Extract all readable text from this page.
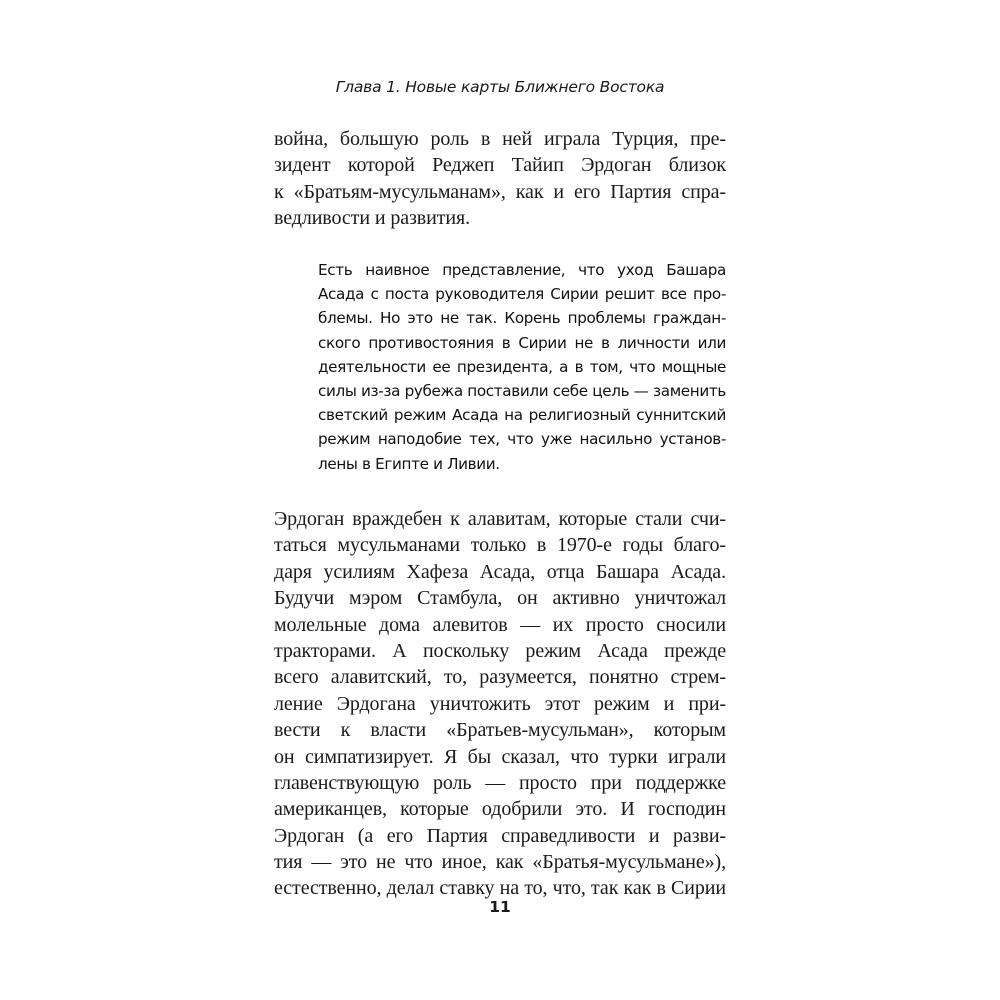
Глава 1. Новые карты Ближнего Востока
война, большую роль в ней играла Турция, пре-
зидент которой Реджеп Тайип Эрдоган близок
к «Братьям-мусульманам», как и его Партия спра-
ведливости и развития.
Есть наивное представление, что уход Башара
Асада с поста руководителя Сирии решит все про-
блемы. Но это не так. Корень проблемы граждан-
ского противостояния в Сирии не в личности или
деятельности ее президента, а в том, что мощные
силы из-за рубежа поставили себе цель — заменить
светский режим Асада на религиозный суннитский
режим наподобие тех, что уже насильно установ-
лены в Египте и Ливии.
Эрдоган враждебен к алавитам, которые стали счи-
таться мусульманами только в 1970-е годы благо-
даря усилиям Хафеза Асада, отца Башара Асада.
Будучи мэром Стамбула, он активно уничтожал
молельные дома алевитов — их просто сносили
тракторами. А поскольку режим Асада прежде
всего алавитский, то, разумеется, понятно стрем-
ление Эрдогана уничтожить этот режим и при-
вести к власти «Братьев-мусульман», которым
он симпатизирует. Я бы сказал, что турки играли
главенствующую роль — просто при поддержке
американцев, которые одобрили это. И господин
Эрдоган (а его Партия справедливости и разви-
тия — это не что иное, как «Братья-мусульмане»),
естественно, делал ставку на то, что, так как в Сирии
11
